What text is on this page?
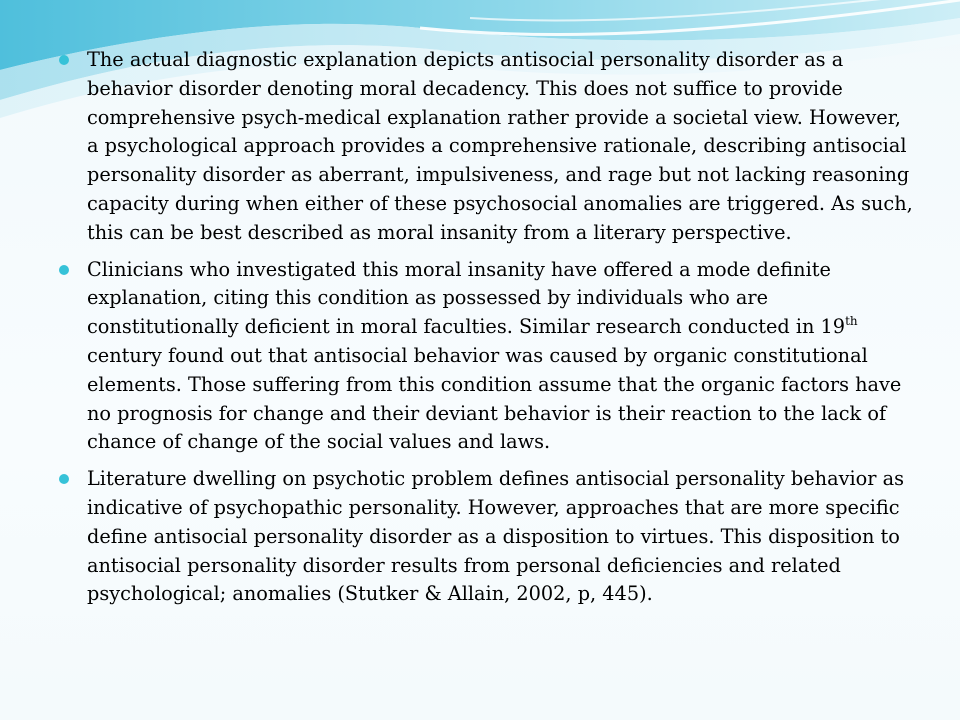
The actual diagnostic explanation depicts antisocial personality disorder as a behavior disorder denoting moral decadency. This does not suffice to provide comprehensive psych-medical explanation rather provide a societal view. However, a psychological approach provides a comprehensive rationale, describing antisocial personality disorder as aberrant, impulsiveness, and rage but not lacking reasoning capacity during when either of these psychosocial anomalies are triggered. As such, this can be best described as moral insanity from a literary perspective.
Clinicians who investigated this moral insanity have offered a mode definite explanation, citing this condition as possessed by individuals who are constitutionally deficient in moral faculties. Similar research conducted in 19th century found out that antisocial behavior was caused by organic constitutional elements. Those suffering from this condition assume that the organic factors have no prognosis for change and their deviant behavior is their reaction to the lack of chance of change of the social values and laws.
Literature dwelling on psychotic problem defines antisocial personality behavior as indicative of psychopathic personality. However, approaches that are more specific define antisocial personality disorder as a disposition to virtues. This disposition to antisocial personality disorder results from personal deficiencies and related psychological; anomalies (Stutker & Allain, 2002, p, 445).
